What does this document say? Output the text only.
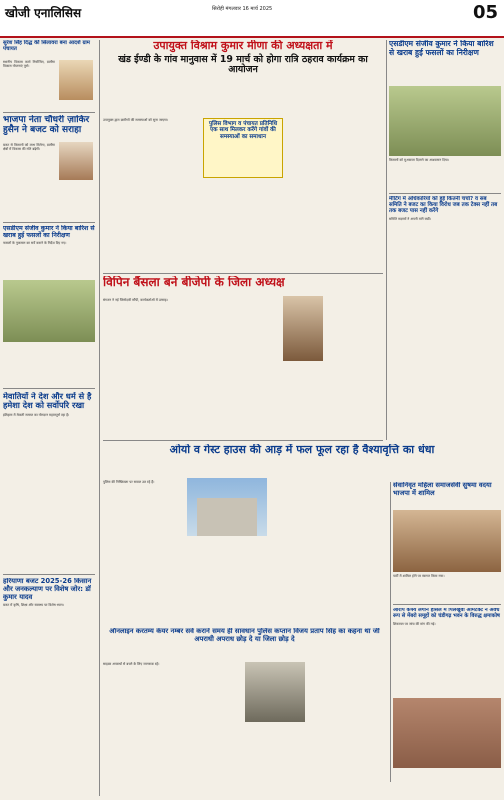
खोजी एनालिसिस	सिरोही मंगलवार 16 मार्च 2025	05

सुरेश सिंह दिद्ध की सिलावरा बना आदर्श ग्राम पंचायत

स्थानीय विकास कार्य नियोजित, ग्रामीण विकास योजनाएं पूर्ण।

भाजपा नेता चौधरी ज़ाकिर हुसैन ने बजट को सराहा

बजट से किसानों को लाभ मिलेगा, ग्रामीण क्षेत्रों में विकास की गति बढ़ेगी।

एसडीएम संजीव कुमार ने किया बारिश से खराब हुई फसलों का निरीक्षण

फसलों के नुकसान का सर्वे कराने के निर्देश दिए गए।

मेवातियों ने देश और धर्म से है हमेशा देश को सर्वोपरि रखा

इतिहास में मेवाती समाज का योगदान महत्वपूर्ण रहा है।

हरियाणा बजट 2025-26 किसान और जनकल्याण पर विशेष जोर: डॉ कुमार यादव

बजट में कृषि, शिक्षा और स्वास्थ्य पर विशेष ध्यान।

उपायुक्त विश्राम कुमार मीणा की अध्यक्षता में

खंड ईण्डी के गांव मानुवास में 19 मार्च को होगा रात्रि ठहराव कार्यक्रम का आयोजन

पुलिस विभाग व पंचायत प्रतिनिधि एक साथ मिलकर करेंगे गांवों की समस्याओं का समाधान

उपायुक्त द्वारा ग्रामीणों की समस्याओं को सुना जाएगा।

विपिन बैंसला बने बीजेपी के जिला अध्यक्ष

संगठन ने नई जिम्मेदारी सौंपी, कार्यकर्ताओं में उत्साह।

एसडीएम संजीव कुमार ने किया बारिश से खराब हुई फसलों का निरीक्षण

किसानों को मुआवजा दिलाने का आश्वासन दिया।

मीटिंग में अधिकारियों को हुई कितनी चर्चा? व सब समिति ने बजट का किया विरोध जब तक टेक्स नहीं तब तक बजट पास नहीं करेंगे

समिति सदस्यों ने अपनी मांगें रखीं।

ओयो व गेस्ट हाउस की आड़ में फल फूल रहा है वैश्यावृत्ति का धंधा

पुलिस की निष्क्रियता पर सवाल उठ रहे हैं।

ऑनलाइन करतम्य केयर नम्बर सर्व कराने समय ही सावधान पुलिस कप्तान विजय प्रताप सिंह का कहना था जी अपराधी अपराध छोड़ दे या जिला छोड़ दे

साइबर अपराधों से बचने के लिए जागरूक रहें।

सेवानिवृत महिला समाजसेवी सुषमा वदया भाजपा में शामिल

पार्टी में शामिल होने पर स्वागत किया गया।

आरोप कफ्य लगाने हौसले में पिलखुवा आर्मटेक्ट ने अवैध रूप से मेंबरो समूहों को चंडीगढ़ भवन के विरुद्ध क्षमाकोष

शिकायत पर जांच की मांग की गई।
